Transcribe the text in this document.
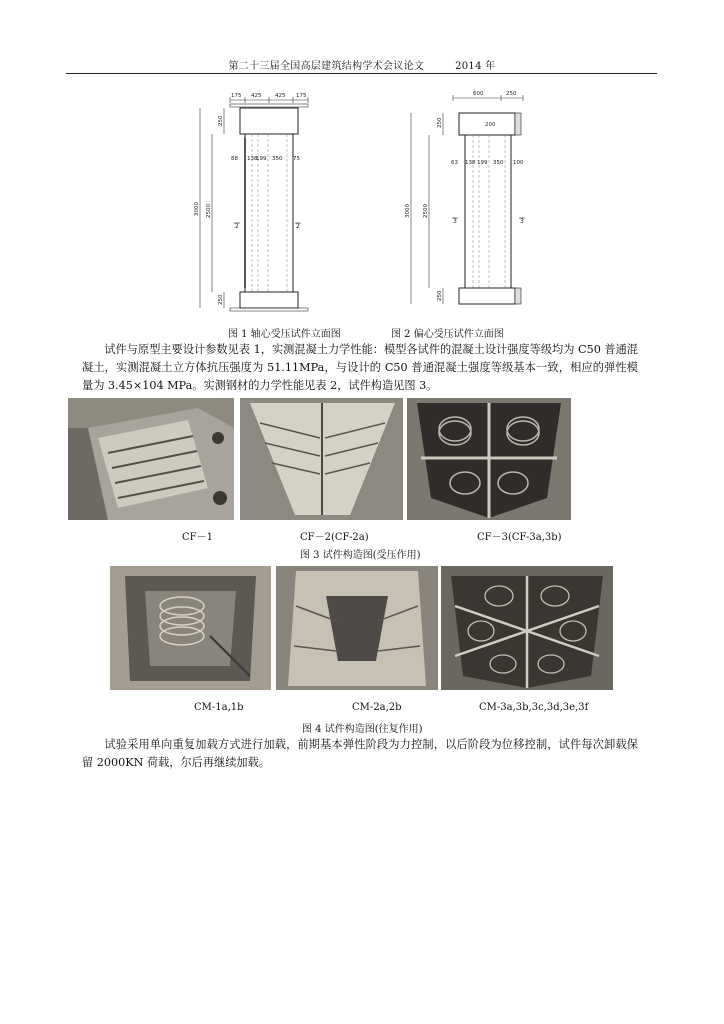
第二十三届全国高层建筑结构学术会议论文　　　2014 年
175 425 425 175
88 138
199 350 75
2	2
3000 2500
250
250
600	250
200
63 138 199 350 100
3	3
3000 2500
250
250
图 1 轴心受压试件立面图	图 2 偏心受压试件立面图

试件与原型主要设计参数见表 1，实测混凝土力学性能：模型各试件的混凝土设计强度等级均为 C50 普通混凝土，实测混凝土立方体抗压强度为 51.11MPa，与设计的 C50 普通混凝土强度等级基本一致，相应的弹性模量为 3.45×104 MPa。实测钢材的力学性能见表 2，试件构造见图 3。

CF－1	CF－2(CF-2a)	CF－3(CF-3a,3b)
图 3 试件构造图(受压作用)
CM-1a,1b	CM-2a,2b	CM-3a,3b,3c,3d,3e,3f
图 4 试件构造图(往复作用)

试验采用单向重复加载方式进行加载，前期基本弹性阶段为力控制，以后阶段为位移控制，试件每次卸载保留 2000KN 荷载，尔后再继续加载。
